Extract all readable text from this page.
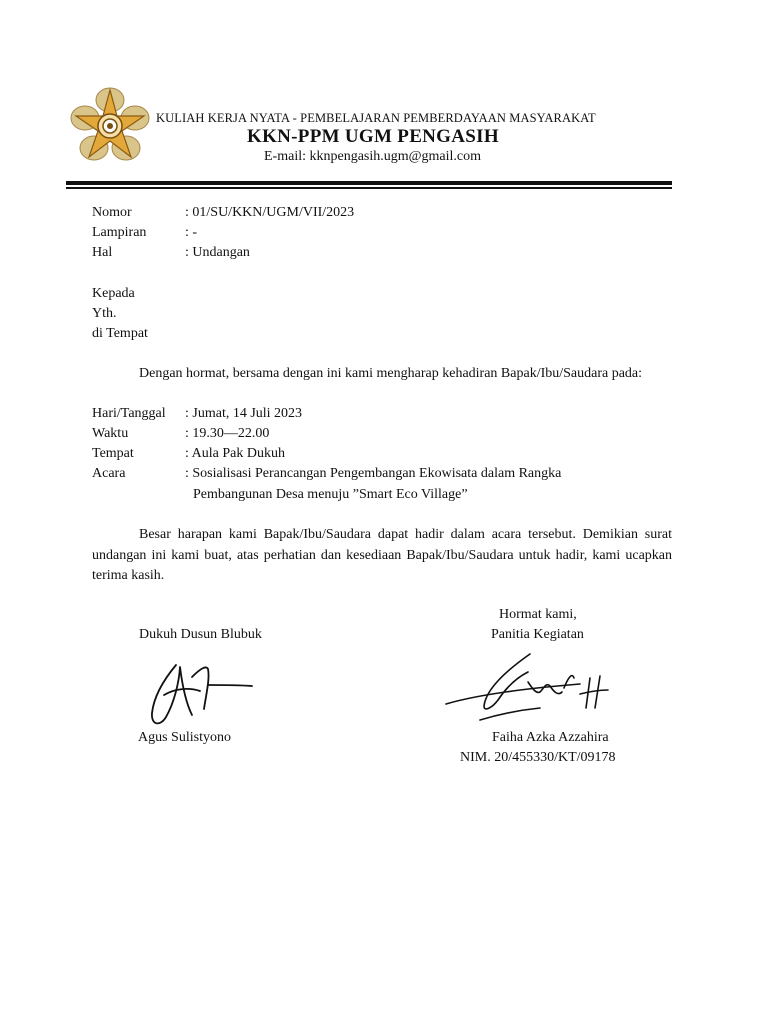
KULIAH KERJA NYATA - PEMBELAJARAN PEMBERDAYAAN MASYARAKAT
KKN-PPM UGM PENGASIH
E-mail: kknpengasih.ugm@gmail.com
Nomor	: 01/SU/KKN/UGM/VII/2023
Lampiran	: -
Hal	: Undangan
Kepada
Yth.
di Tempat
Dengan hormat, bersama dengan ini kami mengharap kehadiran Bapak/Ibu/Saudara pada:
Hari/Tanggal : Jumat, 14 Juli 2023
Waktu	: 19.30—22.00
Tempat	: Aula Pak Dukuh
Acara	: Sosialisasi Perancangan Pengembangan Ekowisata dalam Rangka
Pembangunan Desa menuju ”Smart Eco Village”
Besar harapan kami Bapak/Ibu/Saudara dapat hadir dalam acara tersebut. Demikian surat undangan ini kami buat, atas perhatian dan kesediaan Bapak/Ibu/Saudara untuk hadir, kami ucapkan terima kasih.
Hormat kami,
Dukuh Dusun Blubuk	Panitia Kegiatan
Agus Sulistyono	Faiha Azka Azzahira
NIM. 20/455330/KT/09178
